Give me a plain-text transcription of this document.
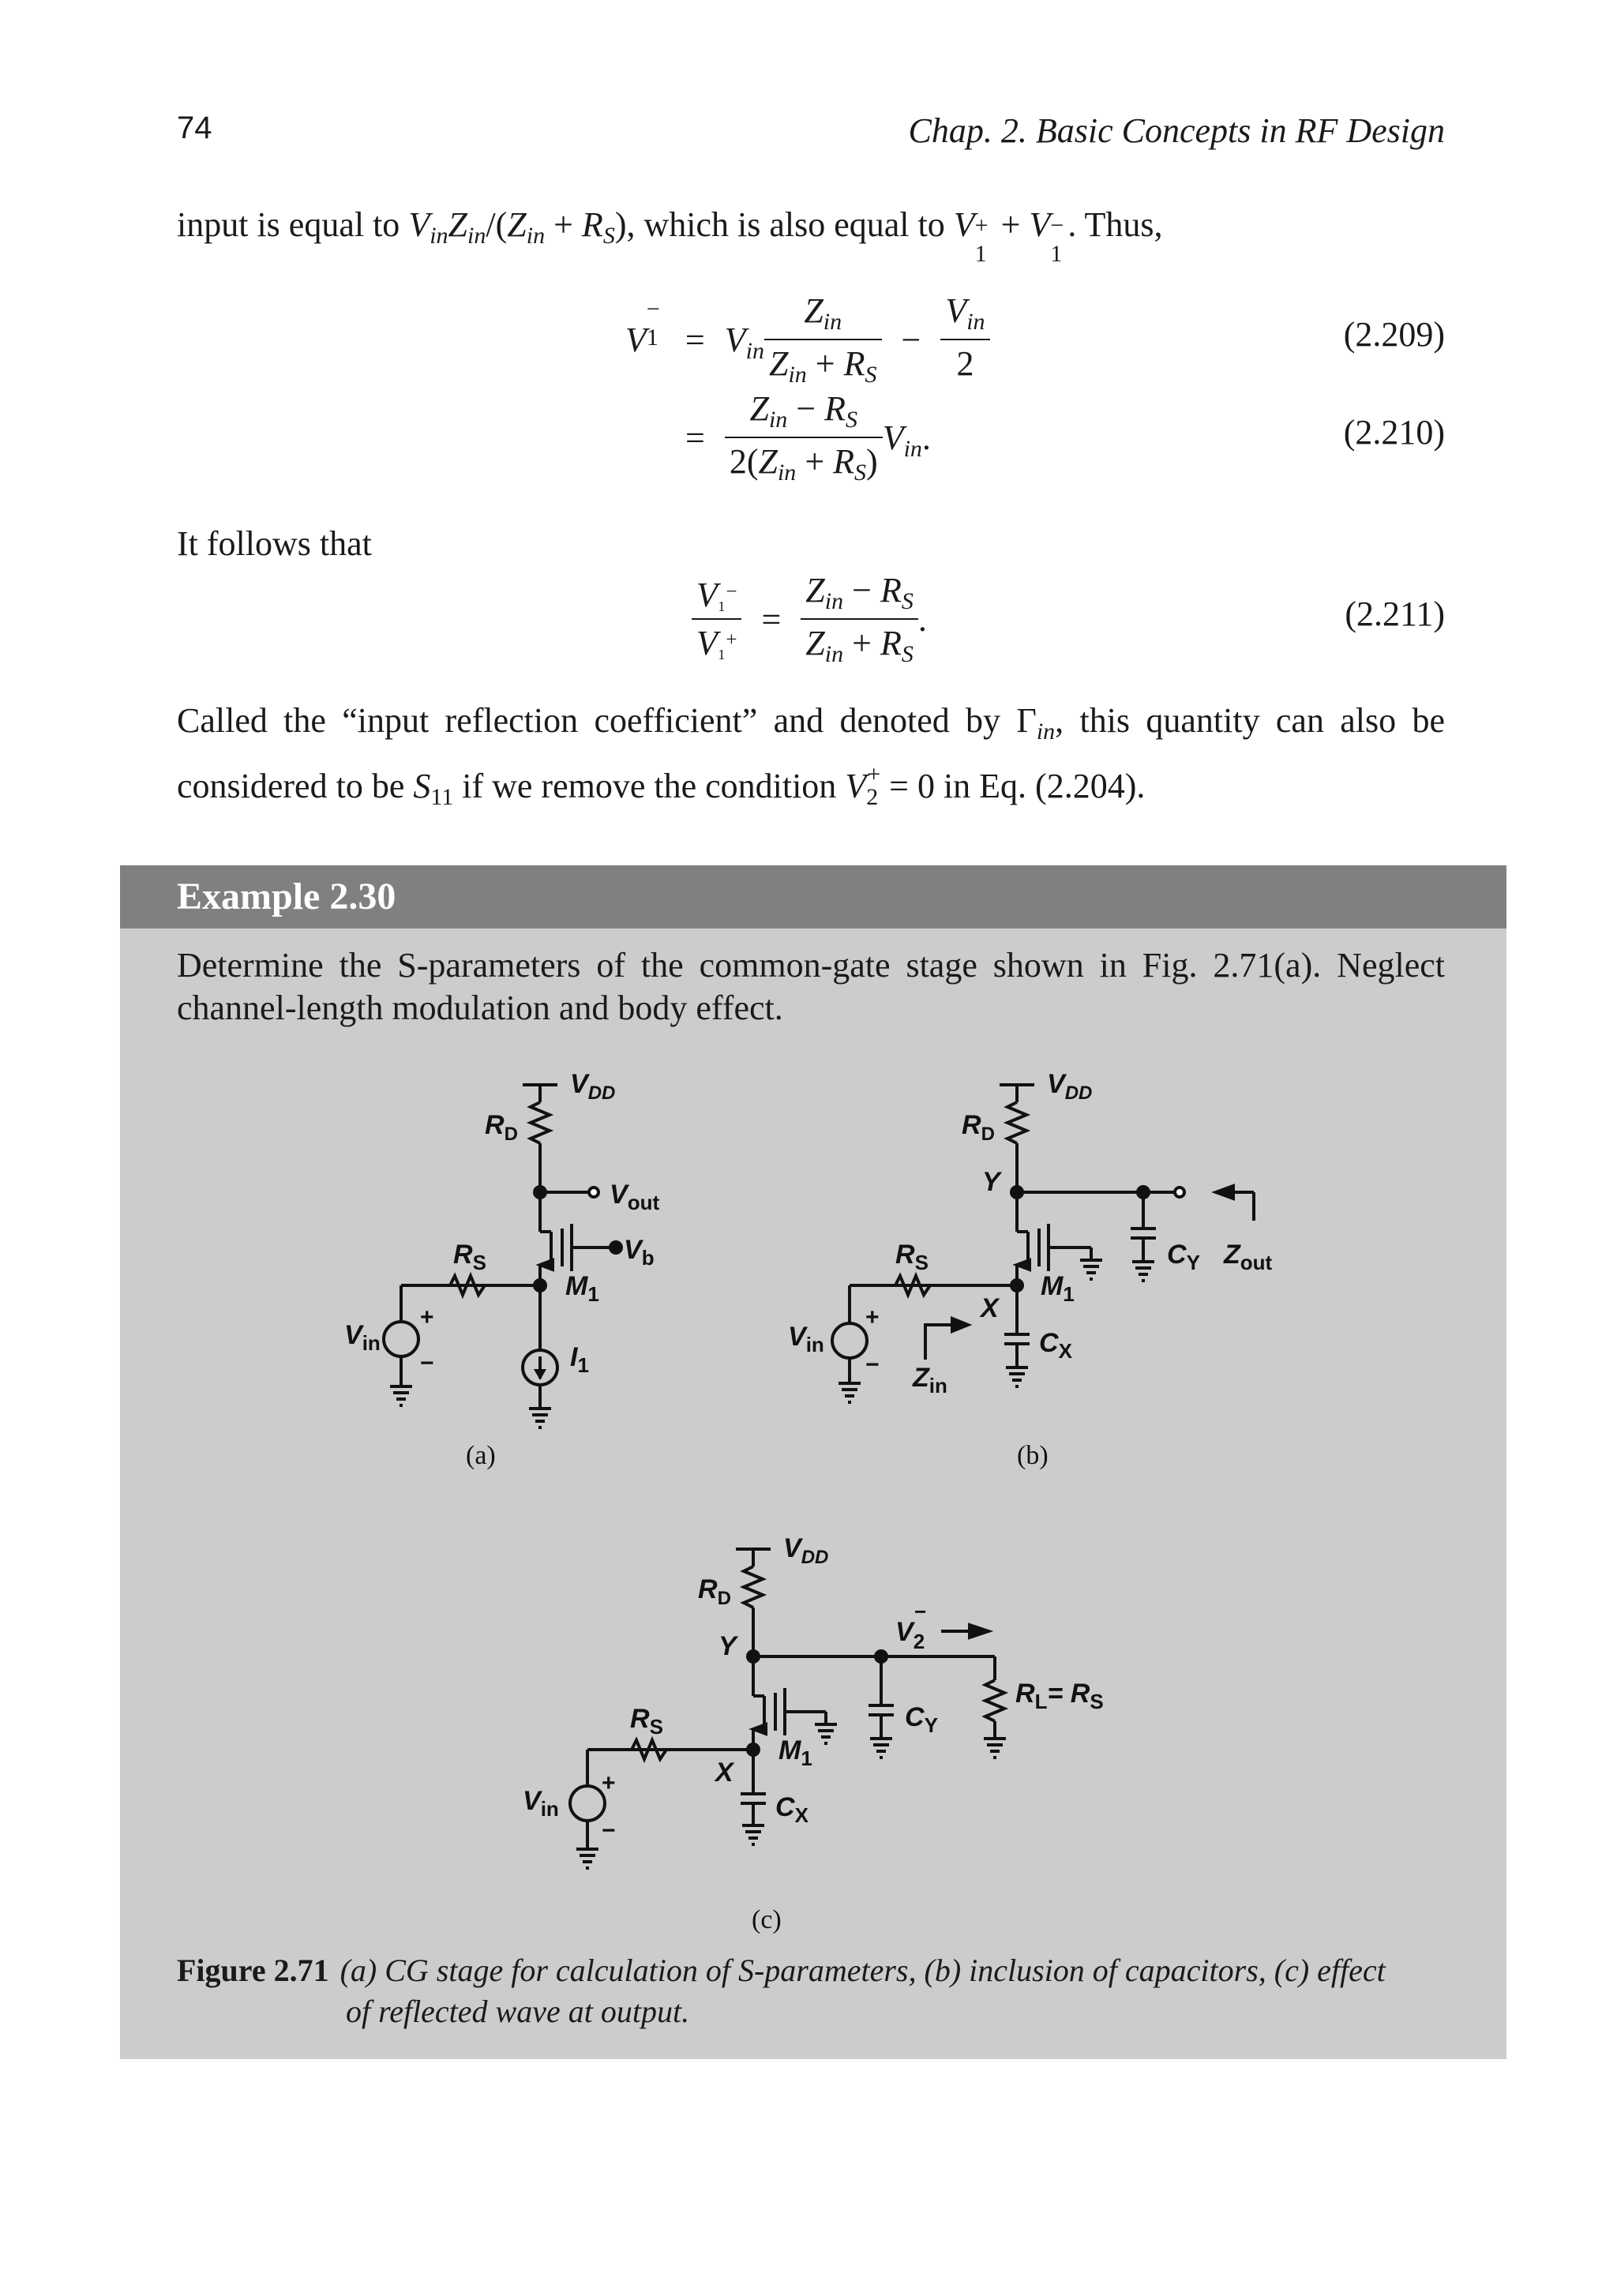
74	Chap. 2. Basic Concepts in RF Design
input is equal to $V_{in}Z_{in}/(Z_{in} + R_S)$, which is also equal to V
1
+ + V
1
− . Thus,
V 1
−
= $V_{in} \frac{Z_{in}}{Z_{in} + R_S} - \frac{V_{in}}{2}$	(2.209)
= $\frac{Z_{in} - R_S}{2(Z_{in} + R_S)} V_{in}$.	(2.210)
It follows that
$\frac{V_1^-}{V_1^+} = \frac{Z_{in} - R_S}{Z_{in} + R_S}$ .	(2.211)
Called the “input reflection coefficient” and denoted by $\Gamma_{in}$, this quantity can also be
considered to be $S_{11}$ if we remove the condition $V_2^+ = 0$ in Eq. (2.204).
Example 2.30
Determine the S-parameters of the common-gate stage shown in Fig. 2.71(a). Neglect
channel-length modulation and body effect.
$V_{DD}$
$R_D$
$V_{out}$
$V_b$
$R_S$
$M_1$
$V_{in}$	$I_1$
+
−
$V_{DD}$
$R_D$
Y
$C_Y$ $Z_{out}$
$R_S$
$M_1$
X
$C_X$
$V_{in}$
$Z_{in}$
+
−
$V_{DD}$
$R_D$
Y	$V_2$
−
$C_Y$
$R_L= R_S$
$R_S$
$M_1$
X
$C_X$
$V_{in}$
+
−
(a)	(b)
(c)
Figure 2.71 (a) CG stage for calculation of S-parameters, (b) inclusion of capacitors, (c) effect
of reflected wave at output.
